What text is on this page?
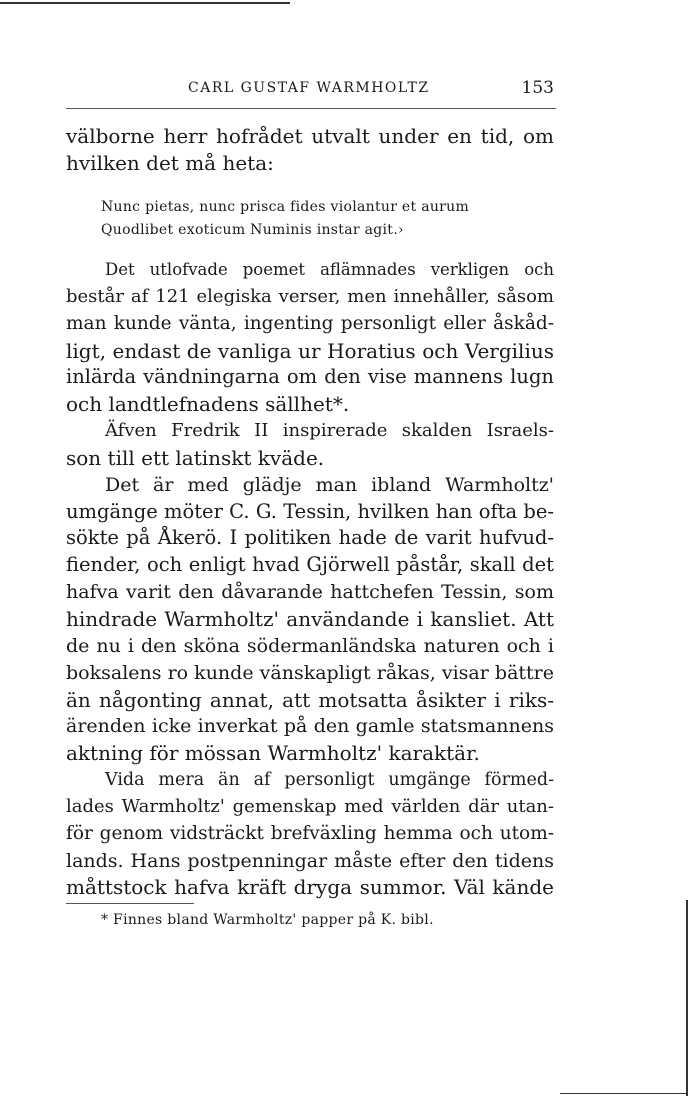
CARL GUSTAF WARMHOLTZ	153
välborne herr hofrådet utvalt under en tid, om
hvilken det må heta:
Nunc pietas, nunc prisca fides violantur et aurum
Quodlibet exoticum Numinis instar agit.›
Det utlofvade poemet aflämnades verkligen och
består af 121 elegiska verser, men innehåller, såsom
man kunde vänta, ingenting personligt eller åskåd-
ligt, endast de vanliga ur Horatius och Vergilius
inlärda vändningarna om den vise mannens lugn
och landtlefnadens sällhet*.
Äfven Fredrik II inspirerade skalden Israels-
son till ett latinskt kväde.
Det är med glädje man ibland Warmholtz'
umgänge möter C. G. Tessin, hvilken han ofta be-
sökte på Åkerö. I politiken hade de varit hufvud-
fiender, och enligt hvad Gjörwell påstår, skall det
hafva varit den dåvarande hattchefen Tessin, som
hindrade Warmholtz' användande i kansliet. Att
de nu i den sköna södermanländska naturen och i
boksalens ro kunde vänskapligt råkas, visar bättre
än någonting annat, att motsatta åsikter i riks-
ärenden icke inverkat på den gamle statsmannens
aktning för mössan Warmholtz' karaktär.
Vida mera än af personligt umgänge förmed-
lades Warmholtz' gemenskap med världen där utan-
för genom vidsträckt brefväxling hemma och utom-
lands. Hans postpenningar måste efter den tidens
måttstock hafva kräft dryga summor. Väl kände
* Finnes bland Warmholtz' papper på K. bibl.
